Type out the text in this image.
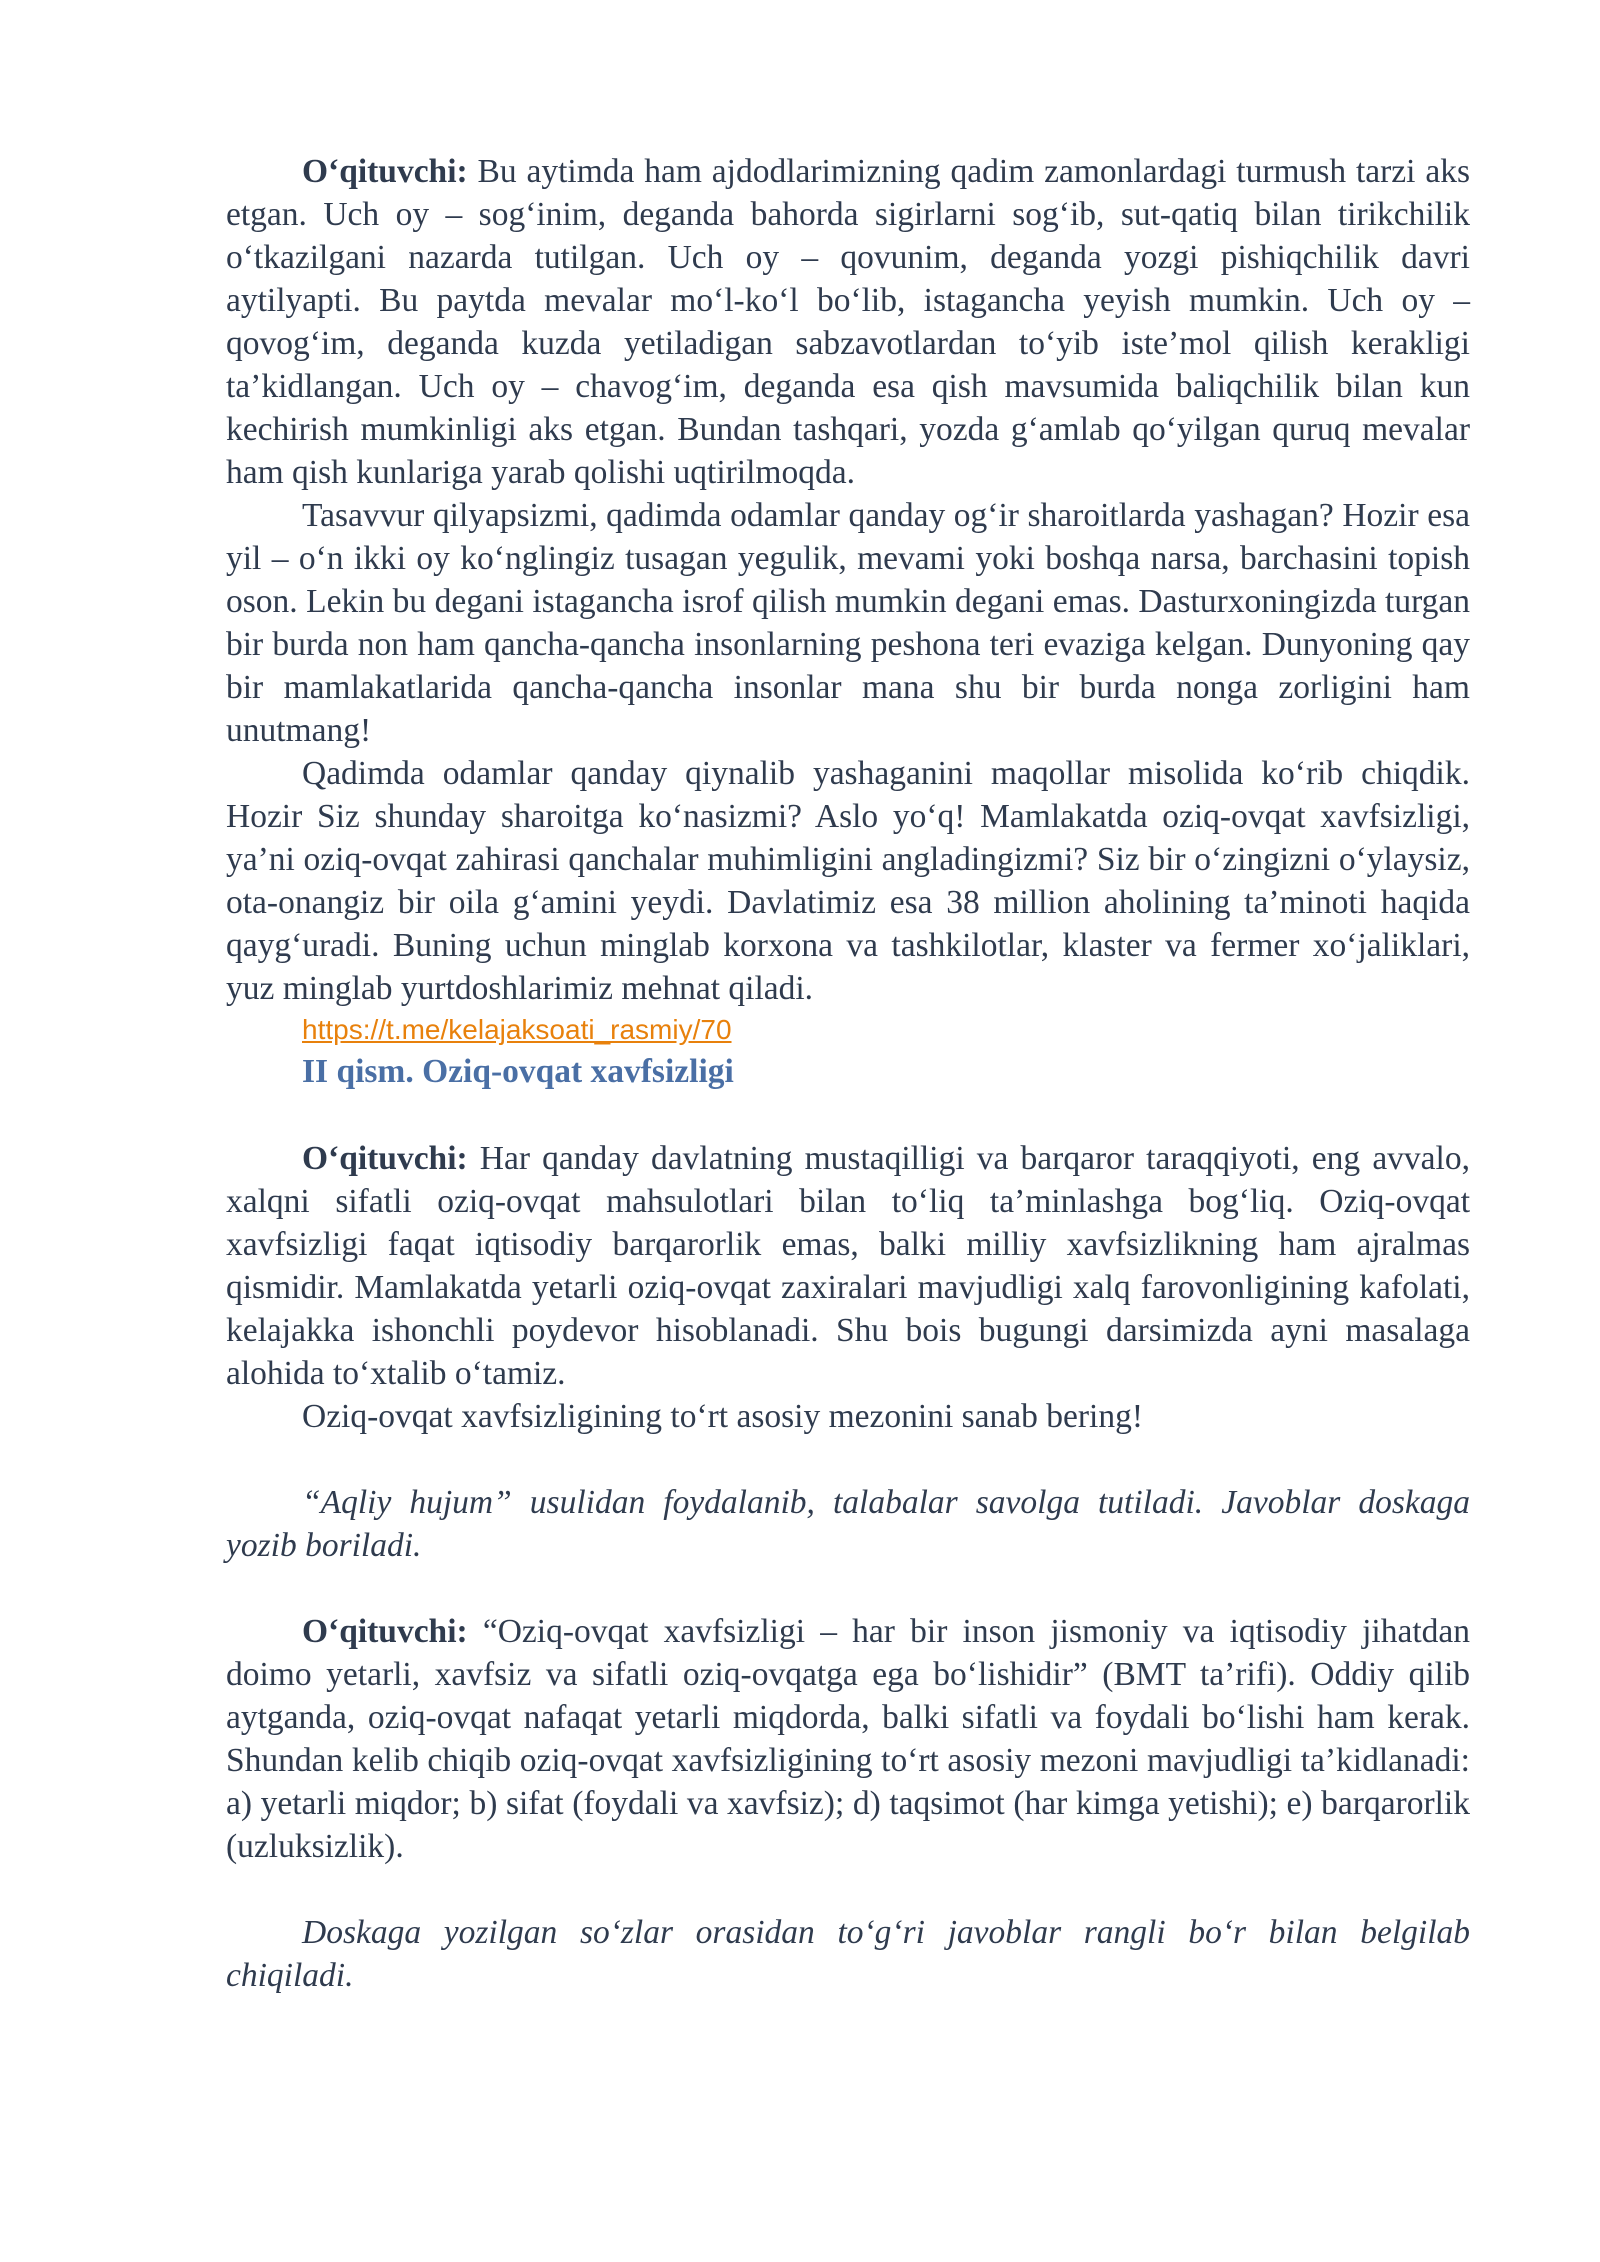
O‘qituvchi: Bu aytimda ham ajdodlarimizning qadim zamonlardagi turmush tarzi aks etgan. Uch oy – sog‘inim, deganda bahorda sigirlarni sog‘ib, sut-qatiq bilan tirikchilik o‘tkazilgani nazarda tutilgan. Uch oy – qovunim, deganda yozgi pishiqchilik davri aytilyapti. Bu paytda mevalar mo‘l-ko‘l bo‘lib, istagancha yeyish mumkin. Uch oy – qovog‘im, deganda kuzda yetiladigan sabzavotlardan to‘yib iste’mol qilish kerakligi ta’kidlangan. Uch oy – chavog‘im, deganda esa qish mavsumida baliqchilik bilan kun kechirish mumkinligi aks etgan. Bundan tashqari, yozda g‘amlab qo‘yilgan quruq mevalar ham qish kunlariga yarab qolishi uqtirilmoqda.

Tasavvur qilyapsizmi, qadimda odamlar qanday og‘ir sharoitlarda yashagan? Hozir esa yil – o‘n ikki oy ko‘nglingiz tusagan yegulik, mevami yoki boshqa narsa, barchasini topish oson. Lekin bu degani istagancha isrof qilish mumkin degani emas. Dasturxoningizda turgan bir burda non ham qancha-qancha insonlarning peshona teri evaziga kelgan. Dunyoning qay bir mamlakatlarida qancha-qancha insonlar mana shu bir burda nonga zorligini ham unutmang!

Qadimda odamlar qanday qiynalib yashaganini maqollar misolida ko‘rib chiqdik. Hozir Siz shunday sharoitga ko‘nasizmi? Aslo yo‘q! Mamlakatda oziq-ovqat xavfsizligi, ya’ni oziq-ovqat zahirasi qanchalar muhimligini angladingizmi? Siz bir o‘zingizni o‘ylaysiz, ota-onangiz bir oila g‘amini yeydi. Davlatimiz esa 38 million aholining ta’minoti haqida qayg‘uradi. Buning uchun minglab korxona va tashkilotlar, klaster va fermer xo‘jaliklari, yuz minglab yurtdoshlarimiz mehnat qiladi.

https://t.me/kelajaksoati_rasmiy/70
II qism. Oziq-ovqat xavfsizligi

O‘qituvchi: Har qanday davlatning mustaqilligi va barqaror taraqqiyoti, eng avvalo, xalqni sifatli oziq-ovqat mahsulotlari bilan to‘liq ta’minlashga bog‘liq. Oziq-ovqat xavfsizligi faqat iqtisodiy barqarorlik emas, balki milliy xavfsizlikning ham ajralmas qismidir. Mamlakatda yetarli oziq-ovqat zaxiralari mavjudligi xalq farovonligining kafolati, kelajakka ishonchli poydevor hisoblanadi. Shu bois bugungi darsimizda ayni masalaga alohida to‘xtalib o‘tamiz.

Oziq-ovqat xavfsizligining to‘rt asosiy mezonini sanab bering!

“Aqliy hujum” usulidan foydalanib, talabalar savolga tutiladi. Javoblar doskaga yozib boriladi.

O‘qituvchi: “Oziq-ovqat xavfsizligi – har bir inson jismoniy va iqtisodiy jihatdan doimo yetarli, xavfsiz va sifatli oziq-ovqatga ega bo‘lishidir” (BMT ta’rifi). Oddiy qilib aytganda, oziq-ovqat nafaqat yetarli miqdorda, balki sifatli va foydali bo‘lishi ham kerak. Shundan kelib chiqib oziq-ovqat xavfsizligining to‘rt asosiy mezoni mavjudligi ta’kidlanadi: a) yetarli miqdor; b) sifat (foydali va xavfsiz); d) taqsimot (har kimga yetishi); e) barqarorlik (uzluksizlik).

Doskaga yozilgan so‘zlar orasidan to‘g‘ri javoblar rangli bo‘r bilan belgilab chiqiladi.
